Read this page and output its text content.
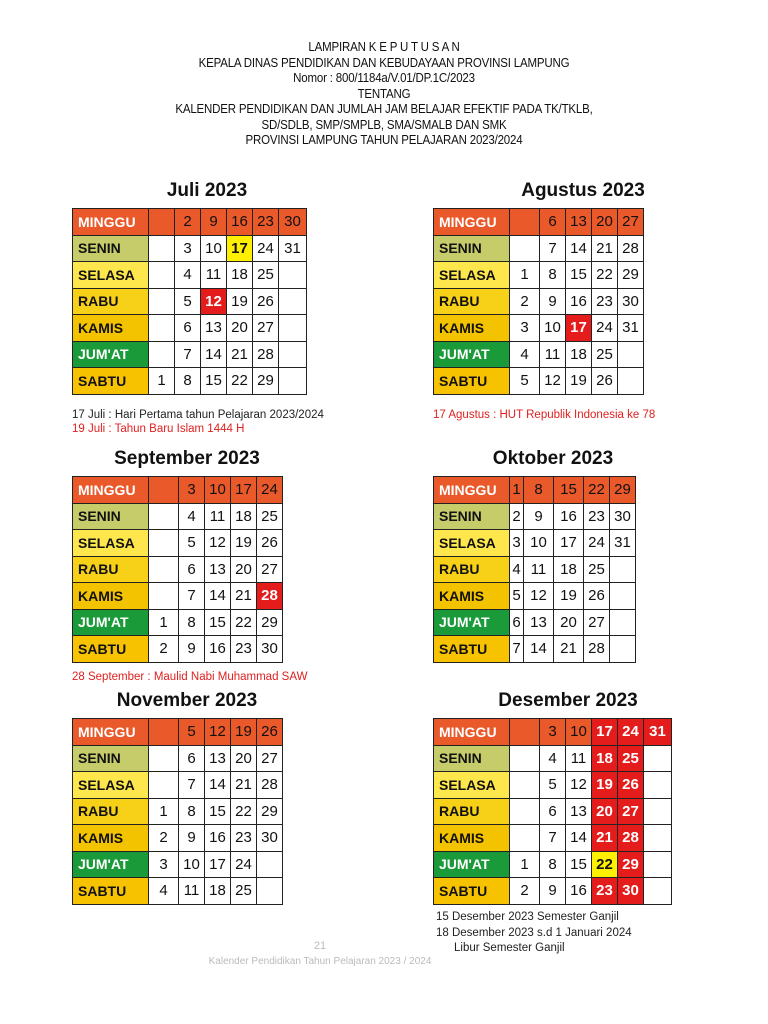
LAMPIRAN K E P U T U S A N
KEPALA DINAS PENDIDIKAN DAN KEBUDAYAAN PROVINSI LAMPUNG
Nomor : 800/1184a/V.01/DP.1C/2023
TENTANG
KALENDER PENDIDIKAN DAN JUMLAH JAM BELAJAR EFEKTIF PADA TK/TKLB,
SD/SDLB, SMP/SMPLB, SMA/SMALB DAN SMK
PROVINSI LAMPUNG TAHUN PELAJARAN 2023/2024
Juli 2023
MINGGU		2	9	16	23	30
SENIN		3	10	17	24	31
SELASA		4	11	18	25	
RABU		5	12	19	26	
KAMIS		6	13	20	27	
JUM'AT		7	14	21	28	
SABTU	1	8	15	22	29	
Agustus 2023
MINGGU		6	13	20	27
SENIN		7	14	21	28
SELASA	1	8	15	22	29
RABU	2	9	16	23	30
KAMIS	3	10	17	24	31
JUM'AT	4	11	18	25	
SABTU	5	12	19	26	
September 2023
MINGGU		3	10	17	24
SENIN		4	11	18	25
SELASA		5	12	19	26
RABU		6	13	20	27
KAMIS		7	14	21	28
JUM'AT	1	8	15	22	29
SABTU	2	9	16	23	30
Oktober 2023
MINGGU	1	8	15	22	29
SENIN	2	9	16	23	30
SELASA	3	10	17	24	31
RABU	4	11	18	25	
KAMIS	5	12	19	26	
JUM'AT	6	13	20	27	
SABTU	7	14	21	28	
November 2023
MINGGU		5	12	19	26
SENIN		6	13	20	27
SELASA		7	14	21	28
RABU	1	8	15	22	29
KAMIS	2	9	16	23	30
JUM'AT	3	10	17	24	
SABTU	4	11	18	25	
Desember 2023
MINGGU		3	10	17	24	31
SENIN		4	11	18	25	
SELASA		5	12	19	26	
RABU		6	13	20	27	
KAMIS		7	14	21	28	
JUM'AT	1	8	15	22	29	
SABTU	2	9	16	23	30	
17 Juli : Hari Pertama tahun Pelajaran 2023/2024
19 Juli : Tahun Baru Islam 1444 H
17 Agustus : HUT Republik Indonesia ke 78
28 September : Maulid Nabi Muhammad SAW
15 Desember 2023 Semester Ganjil
18 Desember 2023 s.d 1 Januari 2024
Libur Semester Ganjil
21
Kalender Pendidikan Tahun Pelajaran 2023 / 2024
